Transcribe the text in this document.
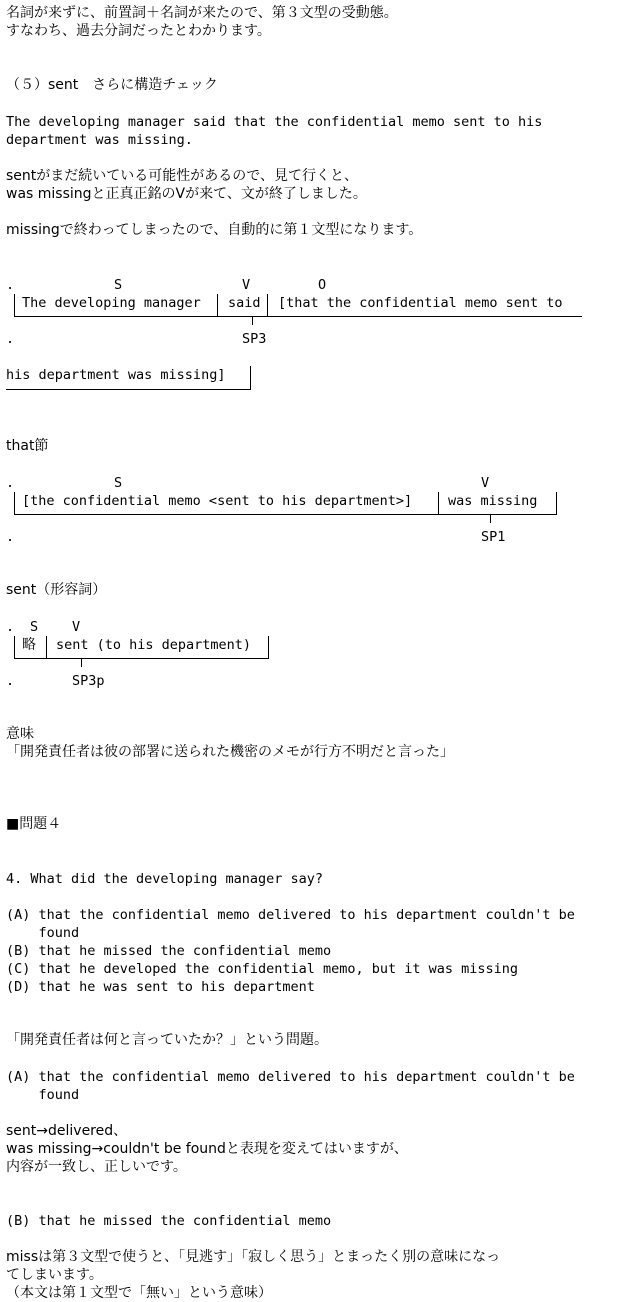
名詞が来ずに、前置詞＋名詞が来たので、第３文型の受動態。
すなわち、過去分詞だったとわかります。
（５）sent　さらに構造チェック
The developing manager said that the confidential memo sent to his
department was missing.
sentがまだ続いている可能性があるので、見て行くと、
was missingと正真正銘のVが来て、文が終了しました。
missingで終わってしまったので、自動的に第１文型になります。
.	S	V	O
The developing manager said [that the confidential memo sent to
.	SP3
his department was missing]
that節
.	S	V
[the confidential memo <sent to his department>]	was missing
.	SP1
sent（形容詞）
. S	V
略 sent (to his department)
.	SP3p
意味
「開発責任者は彼の部署に送られた機密のメモが行方不明だと言った」
■問題４
4. What did the developing manager say?
(A) that the confidential memo delivered to his department couldn't be
found
(B) that he missed the confidential memo
(C) that he developed the confidential memo, but it was missing
(D) that he was sent to his department
「開発責任者は何と言っていたか？」という問題。
(A) that the confidential memo delivered to his department couldn't be
found
sent→delivered、
was missing→couldn't be foundと表現を変えてはいますが、
内容が一致し、正しいです。
(B) that he missed the confidential memo
missは第３文型で使うと、「見逃す」「寂しく思う」とまったく別の意味になっ
てしまいます。
（本文は第１文型で「無い」という意味）
